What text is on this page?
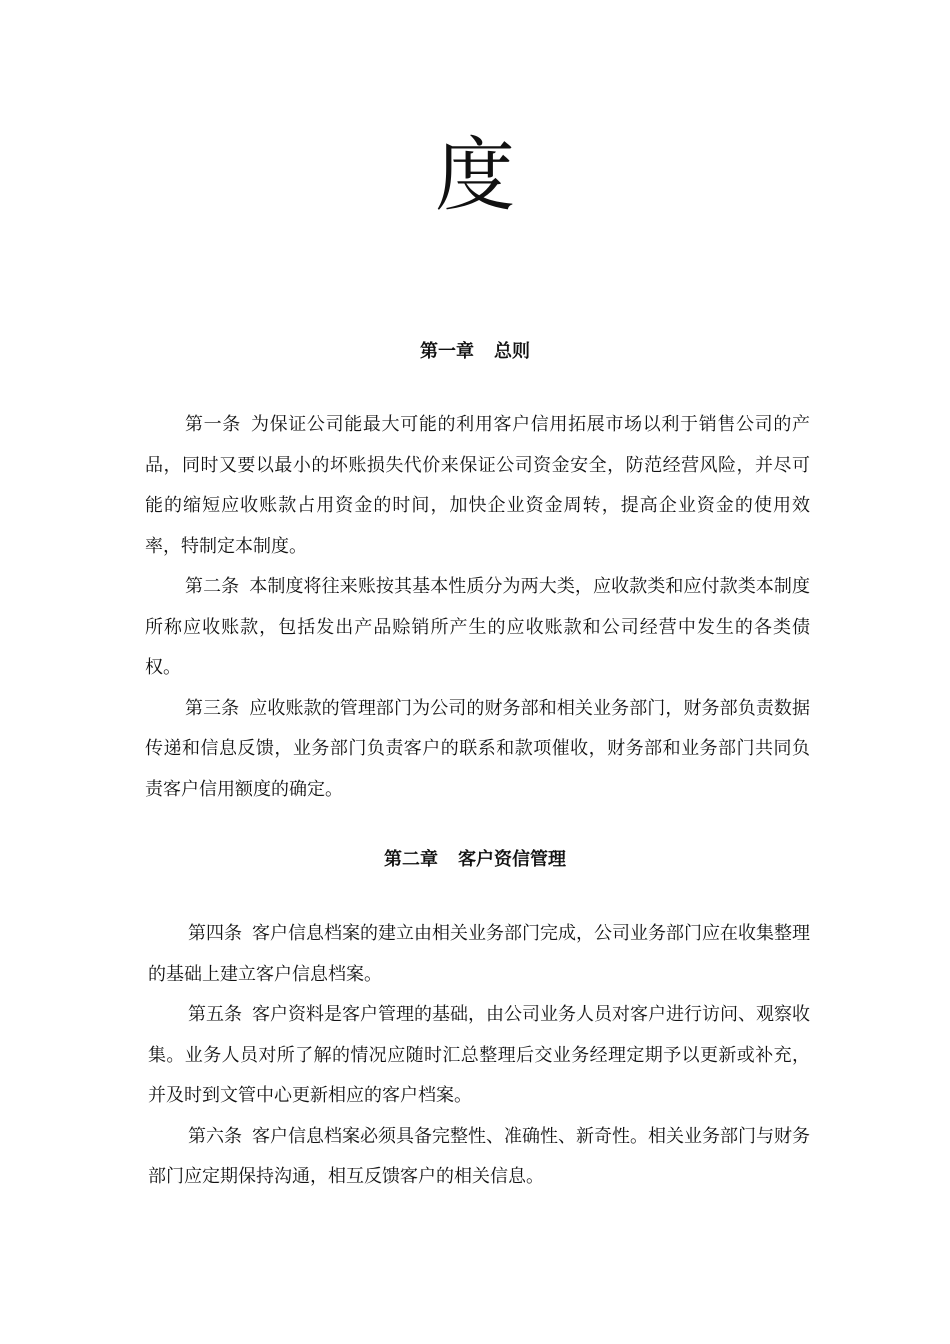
度
第一章 总则

第一条 为保证公司能最大可能的利用客户信用拓展市场以利于销售公司的产品，同时又要以最小的坏账损失代价来保证公司资金安全，防范经营风险，并尽可能的缩短应收账款占用资金的时间，加快企业资金周转，提高企业资金的使用效率，特制定本制度。

第二条 本制度将往来账按其基本性质分为两大类，应收款类和应付款类本制度所称应收账款，包括发出产品赊销所产生的应收账款和公司经营中发生的各类债权。

第三条 应收账款的管理部门为公司的财务部和相关业务部门，财务部负责数据传递和信息反馈，业务部门负责客户的联系和款项催收，财务部和业务部门共同负责客户信用额度的确定。

第二章 客户资信管理

第四条 客户信息档案的建立由相关业务部门完成，公司业务部门应在收集整理的基础上建立客户信息档案。

第五条 客户资料是客户管理的基础，由公司业务人员对客户进行访问、观察收集。业务人员对所了解的情况应随时汇总整理后交业务经理定期予以更新或补充，并及时到文管中心更新相应的客户档案。

第六条 客户信息档案必须具备完整性、准确性、新奇性。相关业务部门与财务部门应定期保持沟通，相互反馈客户的相关信息。
